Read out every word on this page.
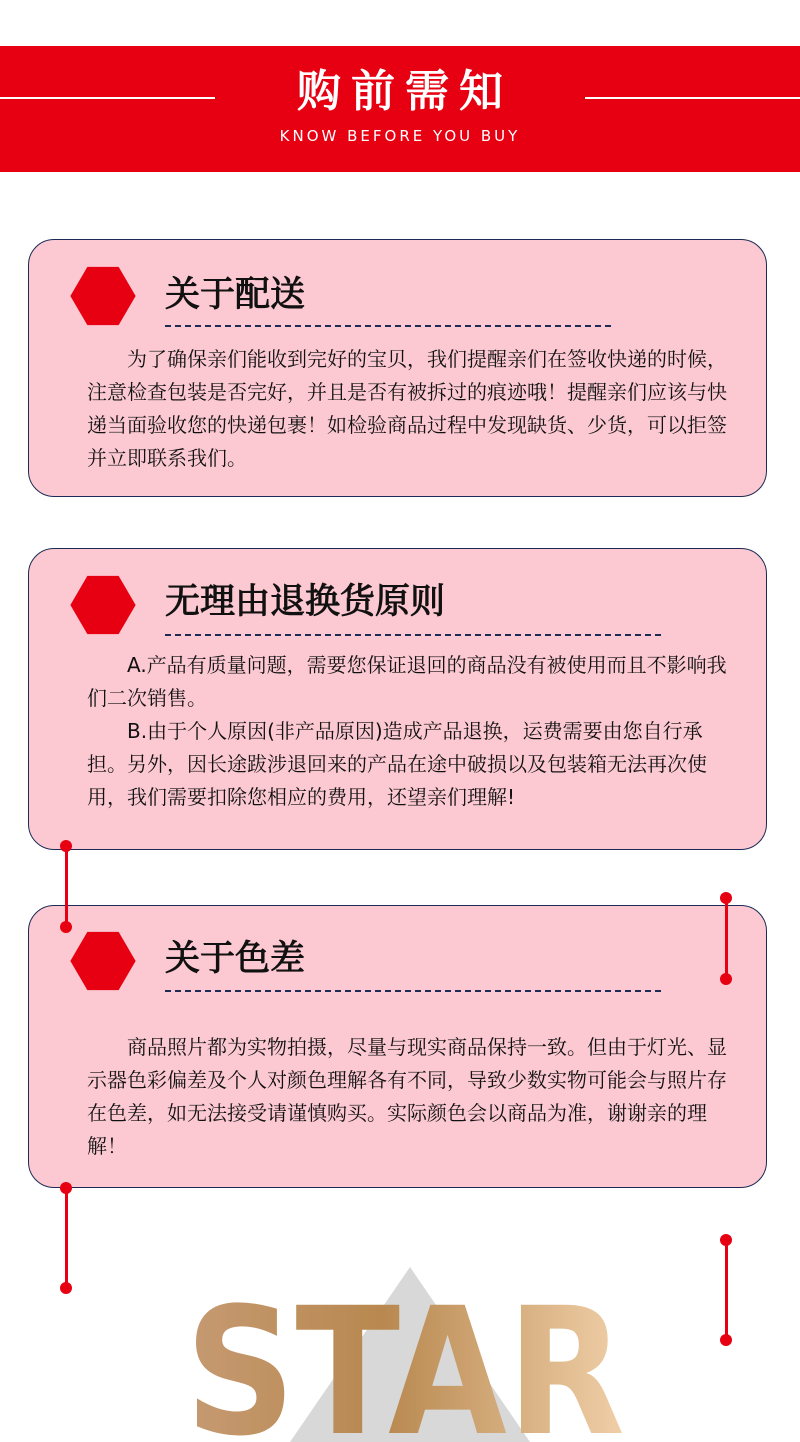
购前需知
KNOW BEFORE YOU BUY
关于配送

为了确保亲们能收到完好的宝贝，我们提醒亲们在签收快递的时候，注意检查包装是否完好，并且是否有被拆过的痕迹哦！提醒亲们应该与快递当面验收您的快递包裹！如检验商品过程中发现缺货、少货，可以拒签并立即联系我们。

无理由退换货原则

A.产品有质量问题，需要您保证退回的商品没有被使用而且不影响我们二次销售。

B.由于个人原因(非产品原因)造成产品退换，运费需要由您自行承担。另外，因长途跋涉退回来的产品在途中破损以及包装箱无法再次使用，我们需要扣除您相应的费用，还望亲们理解!

关于色差

商品照片都为实物拍摄，尽量与现实商品保持一致。但由于灯光、显示器色彩偏差及个人对颜色理解各有不同，导致少数实物可能会与照片存在色差，如无法接受请谨慎购买。实际颜色会以商品为准，谢谢亲的理解！

STAR
